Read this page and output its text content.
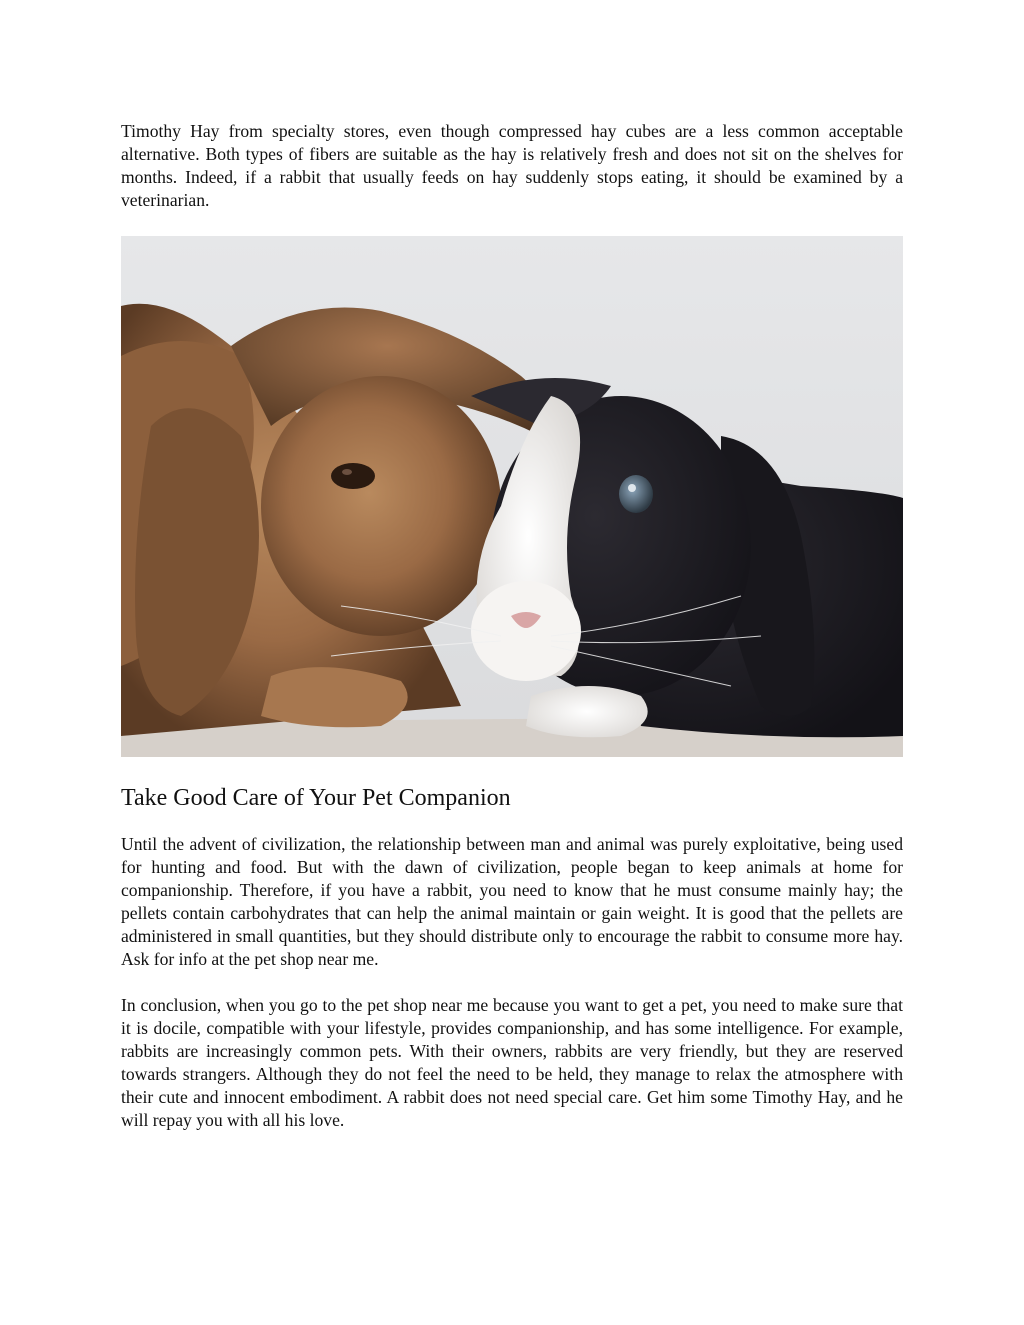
Timothy Hay from specialty stores, even though compressed hay cubes are a less common acceptable alternative. Both types of fibers are suitable as the hay is relatively fresh and does not sit on the shelves for months. Indeed, if a rabbit that usually feeds on hay suddenly stops eating, it should be examined by a veterinarian.

Take Good Care of Your Pet Companion

Until the advent of civilization, the relationship between man and animal was purely exploitative, being used for hunting and food. But with the dawn of civilization, people began to keep animals at home for companionship. Therefore, if you have a rabbit, you need to know that he must consume mainly hay; the pellets contain carbohydrates that can help the animal maintain or gain weight. It is good that the pellets are administered in small quantities, but they should distribute only to encourage the rabbit to consume more hay. Ask for info at the pet shop near me.

In conclusion, when you go to the pet shop near me because you want to get a pet, you need to make sure that it is docile, compatible with your lifestyle, provides companionship, and has some intelligence. For example, rabbits are increasingly common pets. With their owners, rabbits are very friendly, but they are reserved towards strangers. Although they do not feel the need to be held, they manage to relax the atmosphere with their cute and innocent embodiment. A rabbit does not need special care. Get him some Timothy Hay, and he will repay you with all his love.
